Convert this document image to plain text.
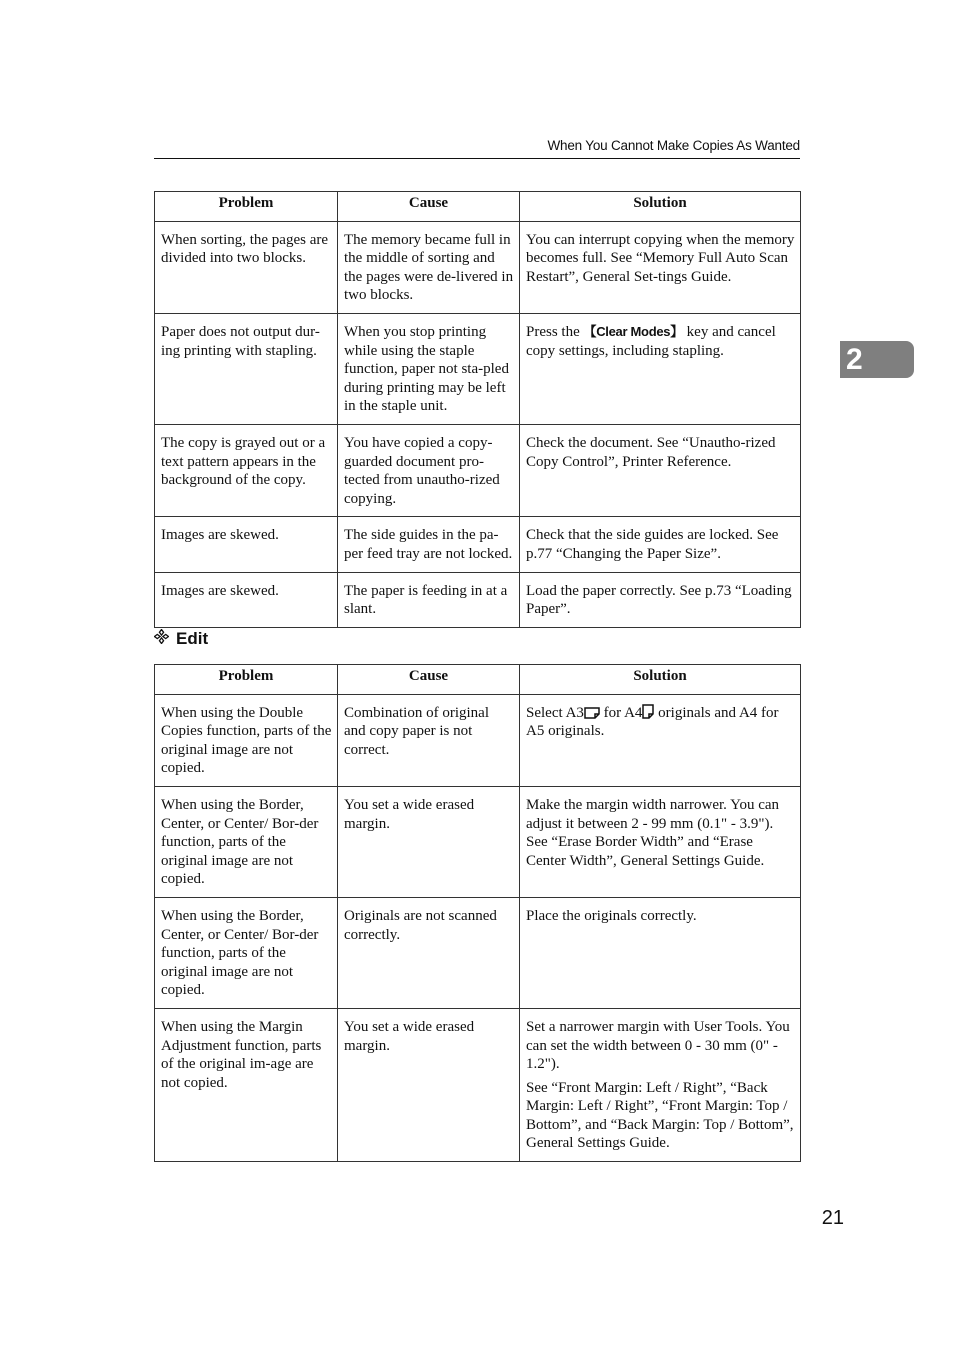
When You Cannot Make Copies As Wanted
2
Problem	Cause	Solution
When sorting, the pages are divided into two blocks.	The memory became full in the middle of sorting and the pages were de-livered in two blocks.	You can interrupt copying when the memory becomes full. See “Memory Full Auto Scan Restart”, General Set-tings Guide.
Paper does not output dur-ing printing with stapling.	When you stop printing while using the staple function, paper not sta-pled during printing may be left in the staple unit.	Press the 【Clear Modes】 key and cancel copy settings, including stapling.
The copy is grayed out or a text pattern appears in the background of the copy.	You have copied a copy-guarded document pro-tected from unautho-rized copying.	Check the document. See “Unautho-rized Copy Control”, Printer Reference.
Images are skewed.	The side guides in the pa-per feed tray are not locked.	Check that the side guides are locked. See p.77 “Changing the Paper Size”.
Images are skewed.	The paper is feeding in at a slant.	Load the paper correctly. See p.73 “Loading Paper”.
Edit
Problem	Cause	Solution
When using the Double Copies function, parts of the original image are not copied.	Combination of original and copy paper is not correct.	Select A3 for A4 originals and A4 for A5 originals.
When using the Border, Center, or Center/ Bor-der function, parts of the original image are not copied.	You set a wide erased margin.	Make the margin width narrower. You can adjust it between 2 - 99 mm (0.1" - 3.9"). See “Erase Border Width” and “Erase Center Width”, General Settings Guide.
When using the Border, Center, or Center/ Bor-der function, parts of the original image are not copied.	Originals are not scanned correctly.	Place the originals correctly.
When using the Margin Adjustment function, parts of the original im-age are not copied.	You set a wide erased margin.	Set a narrower margin with User Tools. You can set the width between 0 - 30 mm (0" - 1.2").
See “Front Margin: Left / Right”, “Back Margin: Left / Right”, “Front Margin: Top / Bottom”, and “Back Margin: Top / Bottom”, General Settings Guide.
21
